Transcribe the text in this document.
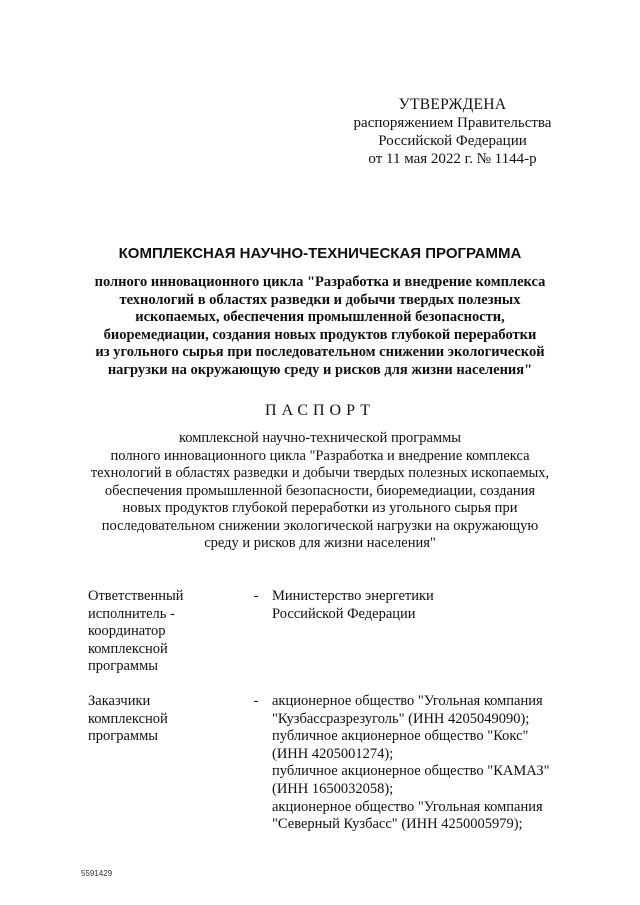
УТВЕРЖДЕНА
распоряжением Правительства
Российской Федерации
от 11 мая 2022 г. № 1144-р
КОМПЛЕКСНАЯ НАУЧНО-ТЕХНИЧЕСКАЯ ПРОГРАММА
полного инновационного цикла "Разработка и внедрение комплекса
технологий в областях разведки и добычи твердых полезных
ископаемых, обеспечения промышленной безопасности,
биоремедиации, создания новых продуктов глубокой переработки
из угольного сырья при последовательном снижении экологической
нагрузки на окружающую среду и рисков для жизни населения"
ПАСПОРТ
комплексной научно-технической программы
полного инновационного цикла "Разработка и внедрение комплекса
технологий в областях разведки и добычи твердых полезных ископаемых,
обеспечения промышленной безопасности, биоремедиации, создания
новых продуктов глубокой переработки из угольного сырья при
последовательном снижении экологической нагрузки на окружающую
среду и рисков для жизни населения"
Ответственный
исполнитель -
координатор
комплексной
программы
- Министерство энергетики
Российской Федерации
Заказчики
комплексной
программы
- акционерное общество "Угольная компания
"Кузбассразрезуголь" (ИНН 4205049090);
публичное акционерное общество "Кокс"
(ИНН 4205001274);
публичное акционерное общество "КАМАЗ"
(ИНН 1650032058);
акционерное общество "Угольная компания
"Северный Кузбасс" (ИНН 4250005979);
5591429
